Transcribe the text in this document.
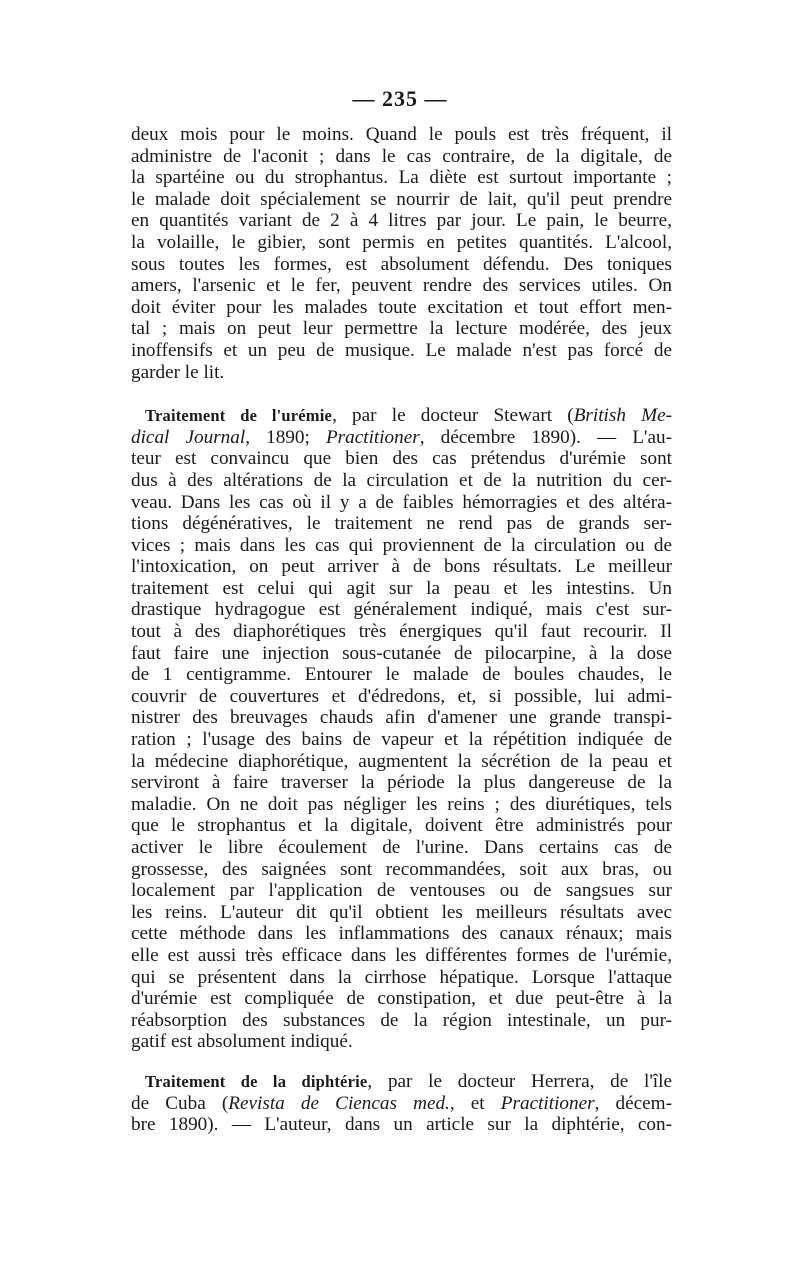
— 235 —
deux mois pour le moins. Quand le pouls est très fréquent, il
administre de l'aconit ; dans le cas contraire, de la digitale, de
la spartéine ou du strophantus. La diète est surtout importante ;
le malade doit spécialement se nourrir de lait, qu'il peut prendre
en quantités variant de 2 à 4 litres par jour. Le pain, le beurre,
la volaille, le gibier, sont permis en petites quantités. L'alcool,
sous toutes les formes, est absolument défendu. Des toniques
amers, l'arsenic et le fer, peuvent rendre des services utiles. On
doit éviter pour les malades toute excitation et tout effort men-
tal ; mais on peut leur permettre la lecture modérée, des jeux
inoffensifs et un peu de musique. Le malade n'est pas forcé de
garder le lit.
Traitement de l'urémie, par le docteur Stewart (British Me-
dical Journal, 1890; Practitioner, décembre 1890). — L'au-
teur est convaincu que bien des cas prétendus d'urémie sont
dus à des altérations de la circulation et de la nutrition du cer-
veau. Dans les cas où il y a de faibles hémorragies et des altéra-
tions dégénératives, le traitement ne rend pas de grands ser-
vices ; mais dans les cas qui proviennent de la circulation ou de
l'intoxication, on peut arriver à de bons résultats. Le meilleur
traitement est celui qui agit sur la peau et les intestins. Un
drastique hydragogue est généralement indiqué, mais c'est sur-
tout à des diaphorétiques très énergiques qu'il faut recourir. Il
faut faire une injection sous-cutanée de pilocarpine, à la dose
de 1 centigramme. Entourer le malade de boules chaudes, le
couvrir de couvertures et d'édredons, et, si possible, lui admi-
nistrer des breuvages chauds afin d'amener une grande transpi-
ration ; l'usage des bains de vapeur et la répétition indiquée de
la médecine diaphorétique, augmentent la sécrétion de la peau et
serviront à faire traverser la période la plus dangereuse de la
maladie. On ne doit pas négliger les reins ; des diurétiques, tels
que le strophantus et la digitale, doivent être administrés pour
activer le libre écoulement de l'urine. Dans certains cas de
grossesse, des saignées sont recommandées, soit aux bras, ou
localement par l'application de ventouses ou de sangsues sur
les reins. L'auteur dit qu'il obtient les meilleurs résultats avec
cette méthode dans les inflammations des canaux rénaux; mais
elle est aussi très efficace dans les différentes formes de l'urémie,
qui se présentent dans la cirrhose hépatique. Lorsque l'attaque
d'urémie est compliquée de constipation, et due peut-être à la
réabsorption des substances de la région intestinale, un pur-
gatif est absolument indiqué.
Traitement de la diphtérie, par le docteur Herrera, de l'île
de Cuba (Revista de Ciencas med., et Practitioner, décem-
bre 1890). — L'auteur, dans un article sur la diphtérie, con-
